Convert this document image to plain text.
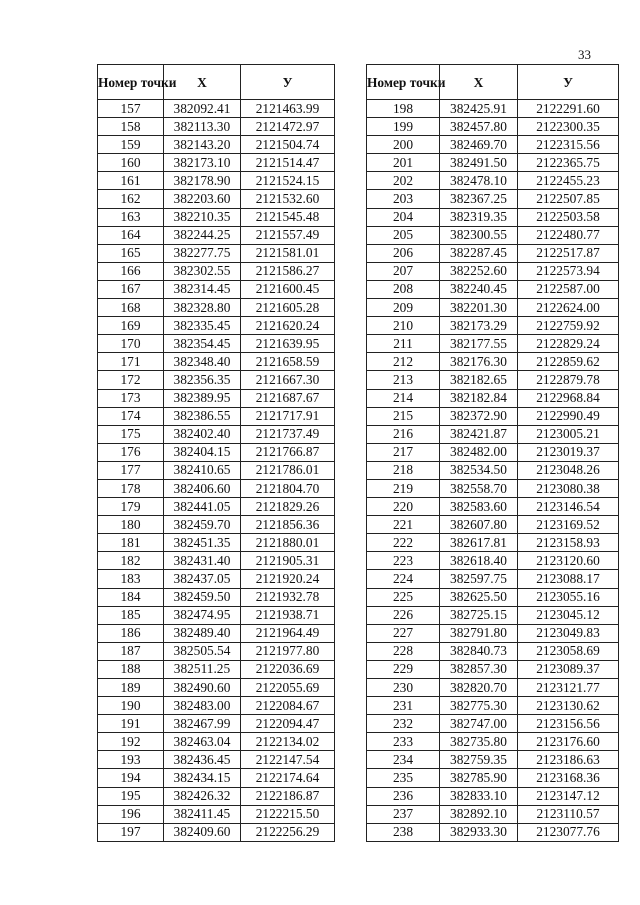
33
Номер точки	X	У
157	382092.41	2121463.99
158	382113.30	2121472.97
159	382143.20	2121504.74
160	382173.10	2121514.47
161	382178.90	2121524.15
162	382203.60	2121532.60
163	382210.35	2121545.48
164	382244.25	2121557.49
165	382277.75	2121581.01
166	382302.55	2121586.27
167	382314.45	2121600.45
168	382328.80	2121605.28
169	382335.45	2121620.24
170	382354.45	2121639.95
171	382348.40	2121658.59
172	382356.35	2121667.30
173	382389.95	2121687.67
174	382386.55	2121717.91
175	382402.40	2121737.49
176	382404.15	2121766.87
177	382410.65	2121786.01
178	382406.60	2121804.70
179	382441.05	2121829.26
180	382459.70	2121856.36
181	382451.35	2121880.01
182	382431.40	2121905.31
183	382437.05	2121920.24
184	382459.50	2121932.78
185	382474.95	2121938.71
186	382489.40	2121964.49
187	382505.54	2121977.80
188	382511.25	2122036.69
189	382490.60	2122055.69
190	382483.00	2122084.67
191	382467.99	2122094.47
192	382463.04	2122134.02
193	382436.45	2122147.54
194	382434.15	2122174.64
195	382426.32	2122186.87
196	382411.45	2122215.50
197	382409.60	2122256.29
Номер точки	X	У
198	382425.91	2122291.60
199	382457.80	2122300.35
200	382469.70	2122315.56
201	382491.50	2122365.75
202	382478.10	2122455.23
203	382367.25	2122507.85
204	382319.35	2122503.58
205	382300.55	2122480.77
206	382287.45	2122517.87
207	382252.60	2122573.94
208	382240.45	2122587.00
209	382201.30	2122624.00
210	382173.29	2122759.92
211	382177.55	2122829.24
212	382176.30	2122859.62
213	382182.65	2122879.78
214	382182.84	2122968.84
215	382372.90	2122990.49
216	382421.87	2123005.21
217	382482.00	2123019.37
218	382534.50	2123048.26
219	382558.70	2123080.38
220	382583.60	2123146.54
221	382607.80	2123169.52
222	382617.81	2123158.93
223	382618.40	2123120.60
224	382597.75	2123088.17
225	382625.50	2123055.16
226	382725.15	2123045.12
227	382791.80	2123049.83
228	382840.73	2123058.69
229	382857.30	2123089.37
230	382820.70	2123121.77
231	382775.30	2123130.62
232	382747.00	2123156.56
233	382735.80	2123176.60
234	382759.35	2123186.63
235	382785.90	2123168.36
236	382833.10	2123147.12
237	382892.10	2123110.57
238	382933.30	2123077.76
